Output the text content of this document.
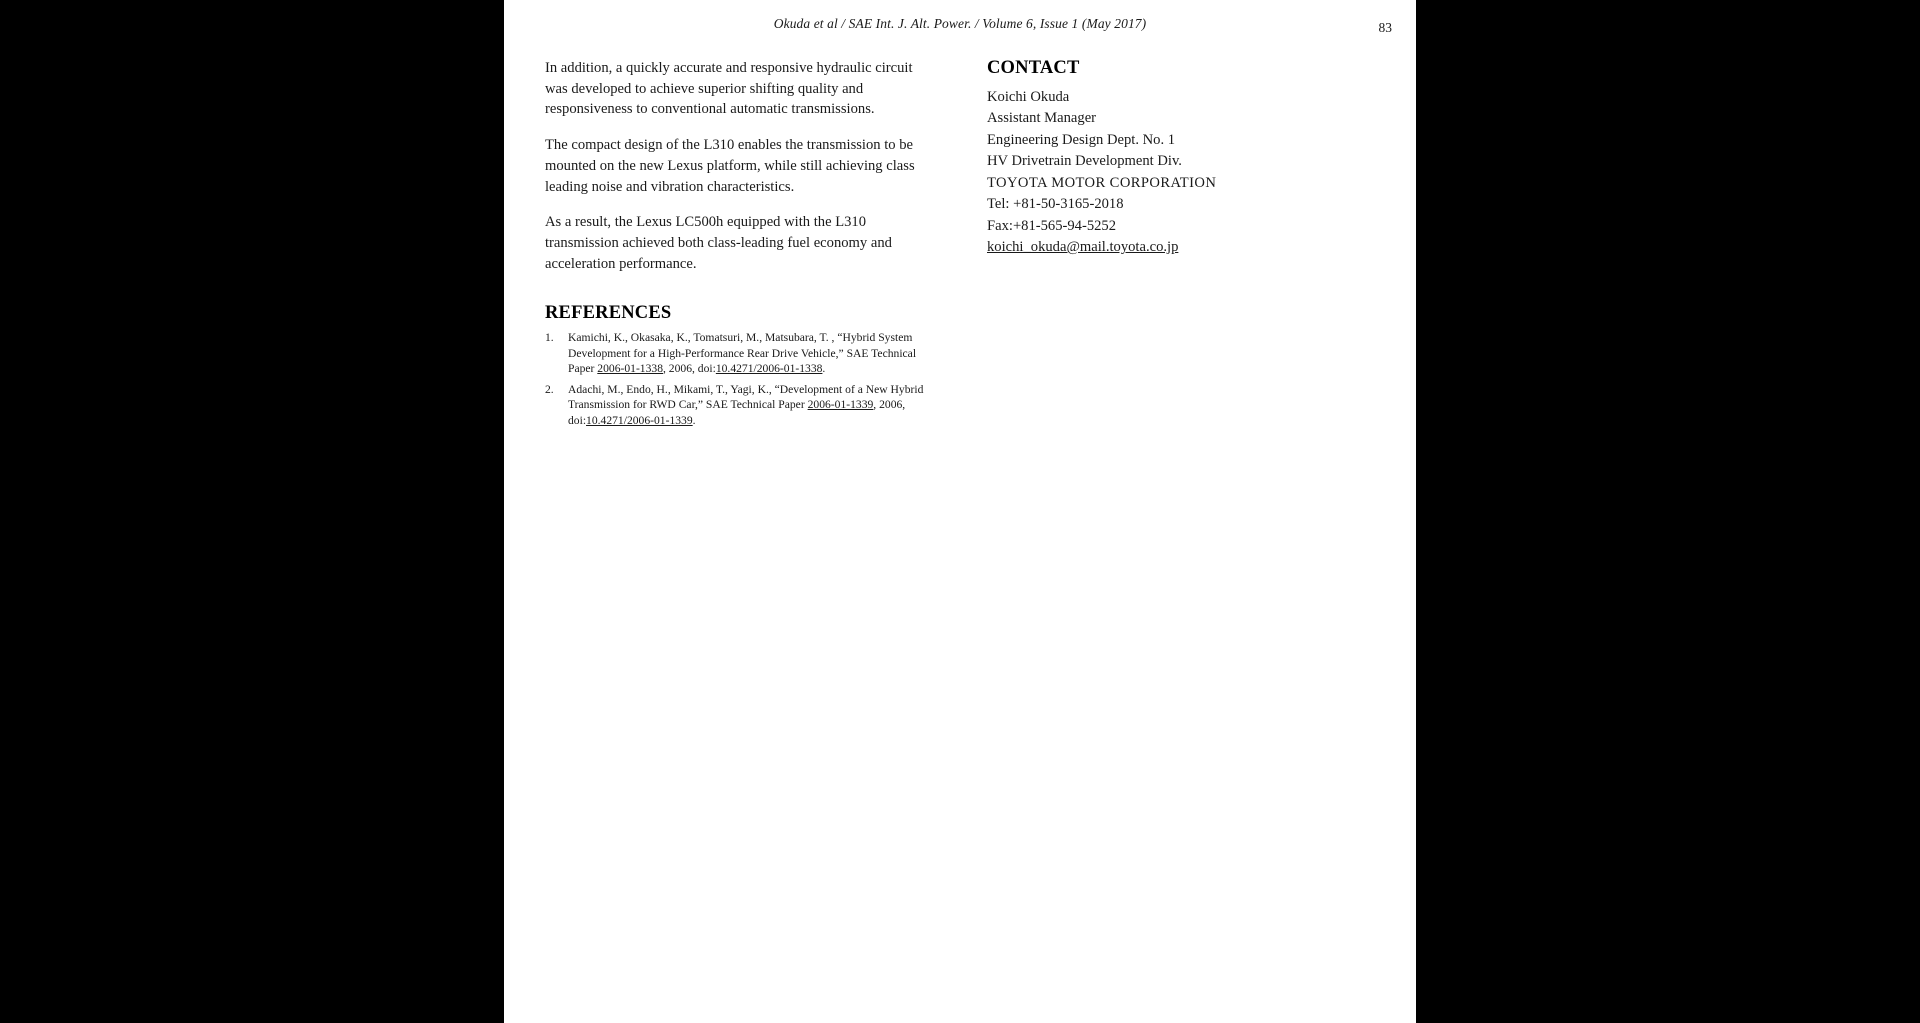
Okuda et al / SAE Int. J. Alt. Power. / Volume 6, Issue 1 (May 2017)	83

In addition, a quickly accurate and responsive hydraulic circuit was developed to achieve superior shifting quality and responsiveness to conventional automatic transmissions.

The compact design of the L310 enables the transmission to be mounted on the new Lexus platform, while still achieving class leading noise and vibration characteristics.

As a result, the Lexus LC500h equipped with the L310 transmission achieved both class-leading fuel economy and acceleration performance.

REFERENCES
1. Kamichi, K., Okasaka, K., Tomatsuri, M., Matsubara, T. , “Hybrid System Development for a High-Performance Rear Drive Vehicle,” SAE Technical Paper 2006-01-1338, 2006, doi:10.4271/2006-01-1338.
2. Adachi, M., Endo, H., Mikami, T., Yagi, K., “Development of a New Hybrid Transmission for RWD Car,” SAE Technical Paper 2006-01-1339, 2006, doi:10.4271/2006-01-1339.
CONTACT
Koichi Okuda
Assistant Manager
Engineering Design Dept. No. 1
HV Drivetrain Development Div.
TOYOTA MOTOR CORPORATION
Tel: +81-50-3165-2018
Fax:+81-565-94-5252
koichi_okuda@mail.toyota.co.jp
